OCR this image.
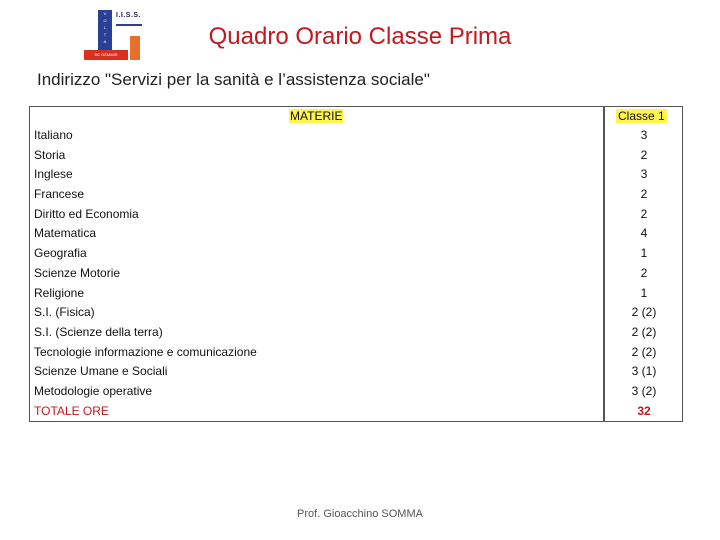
V
O
L
T
A
I.I.S.S.
DE GEMMIS
Quadro Orario Classe Prima
Indirizzo "Servizi per la sanità e l’assistenza sociale"
MATERIE	Classe 1
Italiano	3
Storia	2
Inglese	3
Francese	2
Diritto ed Economia	2
Matematica	4
Geografia	1
Scienze Motorie	2
Religione	1
S.I. (Fisica)	2 (2)
S.I. (Scienze della terra)	2 (2)
Tecnologie informazione e comunicazione	2 (2)
Scienze Umane e Sociali	3 (1)
Metodologie operative	3 (2)
TOTALE ORE	32
Prof. Gioacchino SOMMA
